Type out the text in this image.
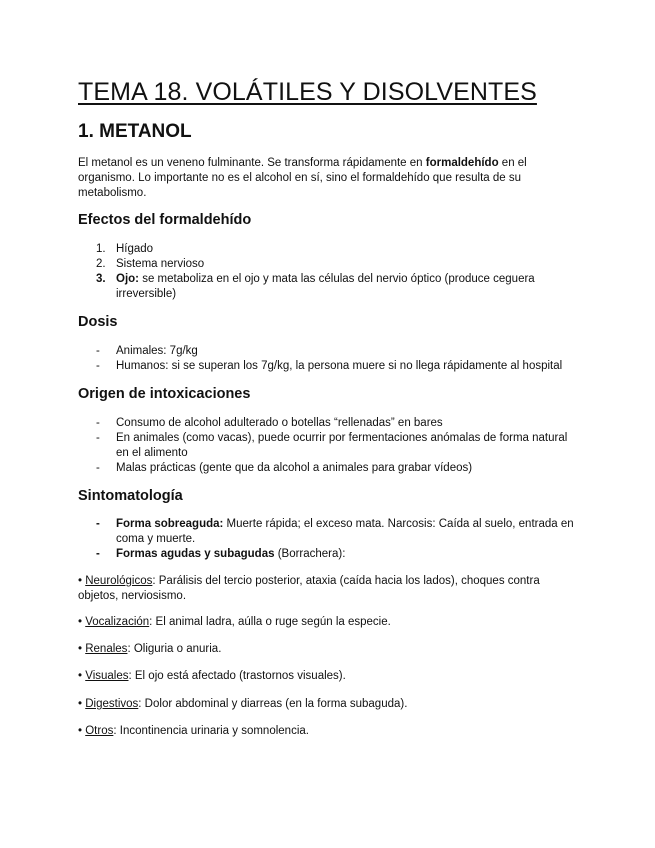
TEMA 18. VOLÁTILES Y DISOLVENTES
1. METANOL

El metanol es un veneno fulminante. Se transforma rápidamente en formaldehído en el organismo. Lo importante no es el alcohol en sí, sino el formaldehído que resulta de su metabolismo.

Efectos del formaldehído
1. Hígado
2. Sistema nervioso
3. Ojo: se metaboliza en el ojo y mata las células del nervio óptico (produce ceguera irreversible)
Dosis
- Animales: 7g/kg
- Humanos: si se superan los 7g/kg, la persona muere si no llega rápidamente al hospital
Origen de intoxicaciones
- Consumo de alcohol adulterado o botellas “rellenadas” en bares
- En animales (como vacas), puede ocurrir por fermentaciones anómalas de forma natural en el alimento
- Malas prácticas (gente que da alcohol a animales para grabar vídeos)
Sintomatología
- Forma sobreaguda: Muerte rápida; el exceso mata. Narcosis: Caída al suelo, entrada en coma y muerte.
- Formas agudas y subagudas (Borrachera):

• Neurológicos: Parálisis del tercio posterior, ataxia (caída hacia los lados), choques contra objetos, nerviosismo.

• Vocalización: El animal ladra, aúlla o ruge según la especie.

• Renales: Oliguria o anuria.

• Visuales: El ojo está afectado (trastornos visuales).

• Digestivos: Dolor abdominal y diarreas (en la forma subaguda).

• Otros: Incontinencia urinaria y somnolencia.
